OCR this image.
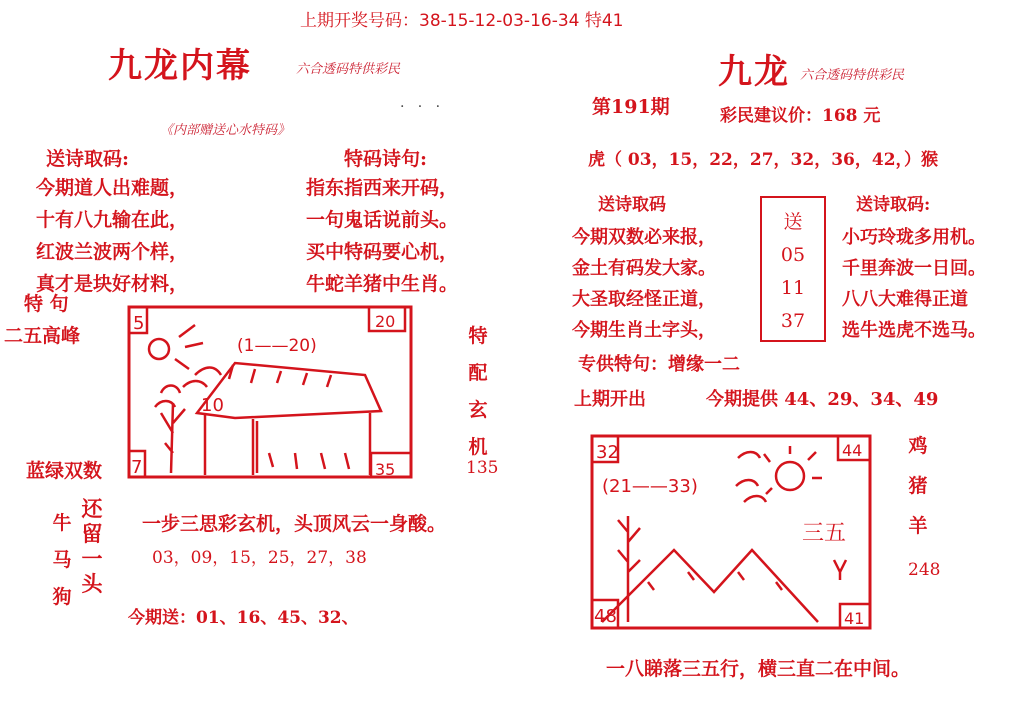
上期开奖号码：38-15-12-03-16-34 特41
九龙内幕	六合透码特供彩民
.   .   .
《内部赠送心水特码》
送诗取码:	特码诗句:
今期道人出难题，
十有八九输在此，
红波兰波两个样，
真才是块好材料，
指东指西来开码，
一句鬼话说前头。
买中特码要心机，
牛蛇羊猪中生肖。
特 句
二五高峰
蓝绿双数	135
特
配
玄
机
5	20
7	35
10
(1——20)
牛
马
狗
还
留
一
头
一步三思彩玄机，头顶风云一身酸。
03，09，15，25，27，38
今期送：01、16、45、32、
九龙 六合透码特供彩民
第191期	彩民建议价：168 元
虎（ 03，15，22，27，32，36，42，）猴
送诗取码	送诗取码:
今期双数必来报，
金土有码发大家。
大圣取经怪正道，
今期生肖土字头，
送
05
11
37
小巧玲珑多用机。
千里奔波一日回。
八八大难得正道
选牛选虎不选马。
专供特句：增缘一二
上期开出	今期提供 44、29、34、49
32	44
48	41
(21——33)
三五
鸡
猪
羊
248
一八睇落三五行，横三直二在中间。
